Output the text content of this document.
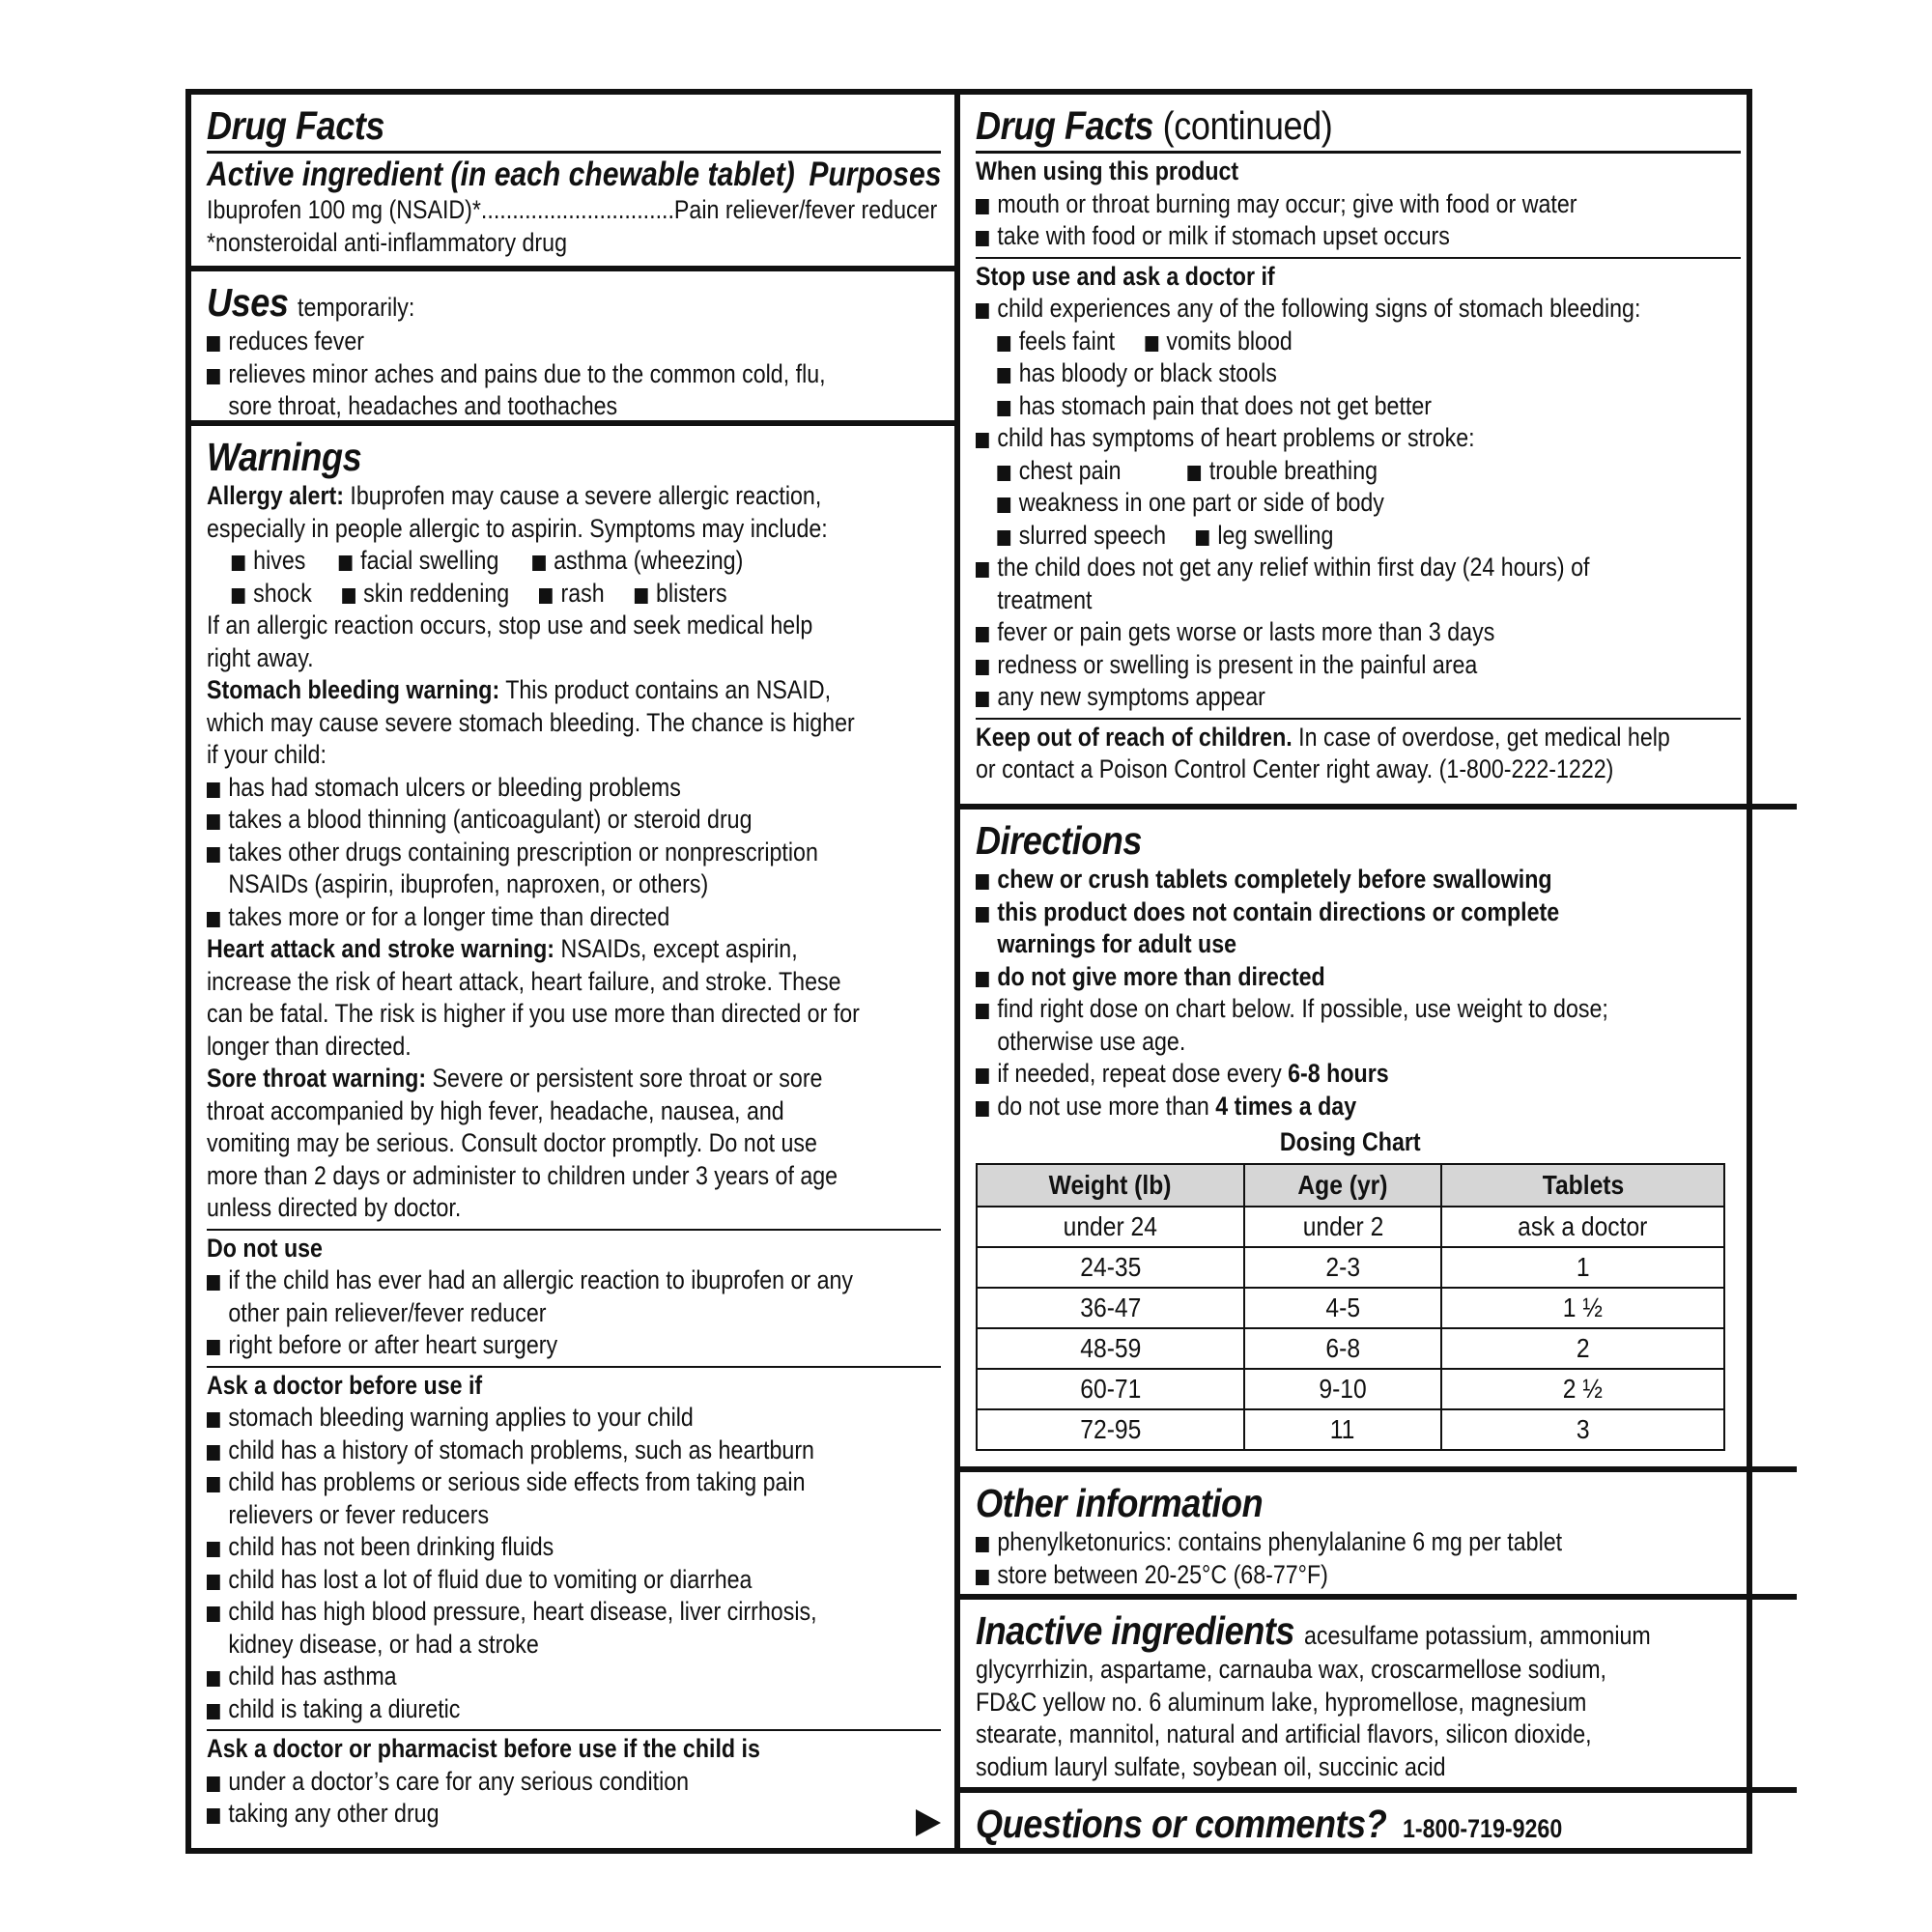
Drug Facts
Active ingredient (in each chewable tablet) Purposes
Ibuprofen 100 mg (NSAID)*...............................Pain reliever/fever reducer
*nonsteroidal anti-inflammatory drug
Uses temporarily:
reduces fever
relieves minor aches and pains due to the common cold, flu,
sore throat, headaches and toothaches
Warnings
Allergy alert: Ibuprofen may cause a severe allergic reaction,
especially in people allergic to aspirin. Symptoms may include:
hives facial swelling asthma (wheezing)
shock skin reddening rash blisters
If an allergic reaction occurs, stop use and seek medical help
right away.
Stomach bleeding warning: This product contains an NSAID,
which may cause severe stomach bleeding. The chance is higher
if your child:
has had stomach ulcers or bleeding problems
takes a blood thinning (anticoagulant) or steroid drug
takes other drugs containing prescription or nonprescription
NSAIDs (aspirin, ibuprofen, naproxen, or others)
takes more or for a longer time than directed
Heart attack and stroke warning: NSAIDs, except aspirin,
increase the risk of heart attack, heart failure, and stroke. These
can be fatal. The risk is higher if you use more than directed or for
longer than directed.
Sore throat warning: Severe or persistent sore throat or sore
throat accompanied by high fever, headache, nausea, and
vomiting may be serious. Consult doctor promptly. Do not use
more than 2 days or administer to children under 3 years of age
unless directed by doctor.
Do not use
if the child has ever had an allergic reaction to ibuprofen or any
other pain reliever/fever reducer
right before or after heart surgery
Ask a doctor before use if
stomach bleeding warning applies to your child
child has a history of stomach problems, such as heartburn
child has problems or serious side effects from taking pain
relievers or fever reducers
child has not been drinking fluids
child has lost a lot of fluid due to vomiting or diarrhea
child has high blood pressure, heart disease, liver cirrhosis,
kidney disease, or had a stroke
child has asthma
child is taking a diuretic
Ask a doctor or pharmacist before use if the child is
under a doctor’s care for any serious condition
taking any other drug
Drug Facts (continued)
When using this product
mouth or throat burning may occur; give with food or water
take with food or milk if stomach upset occurs
Stop use and ask a doctor if
child experiences any of the following signs of stomach bleeding:
feels faint vomits blood
has bloody or black stools
has stomach pain that does not get better
child has symptoms of heart problems or stroke:
chest pain	trouble breathing
weakness in one part or side of body
slurred speech leg swelling
the child does not get any relief within first day (24 hours) of
treatment
fever or pain gets worse or lasts more than 3 days
redness or swelling is present in the painful area
any new symptoms appear
Keep out of reach of children. In case of overdose, get medical help
or contact a Poison Control Center right away. (1-800-222-1222)
Directions
chew or crush tablets completely before swallowing
this product does not contain directions or complete
warnings for adult use
do not give more than directed
find right dose on chart below. If possible, use weight to dose;
otherwise use age.
if needed, repeat dose every 6-8 hours
do not use more than 4 times a day
Dosing Chart
Weight (lb)	Age (yr)	Tablets
under 24	under 2	ask a doctor
24-35	2-3	1
36-47	4-5	1 ½
48-59	6-8	2
60-71	9-10	2 ½
72-95	11	3
Other information
phenylketonurics: contains phenylalanine 6 mg per tablet
store between 20-25°C (68-77°F)
Inactive ingredients acesulfame potassium, ammonium
glycyrrhizin, aspartame, carnauba wax, croscarmellose sodium,
FD&C yellow no. 6 aluminum lake, hypromellose, magnesium
stearate, mannitol, natural and artificial flavors, silicon dioxide,
sodium lauryl sulfate, soybean oil, succinic acid
Questions or comments? 1-800-719-9260
